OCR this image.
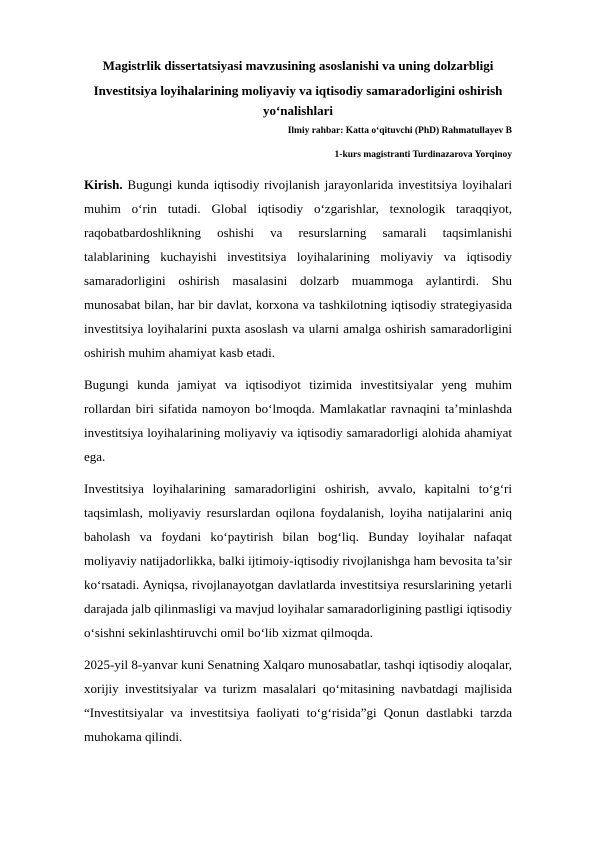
Magistrlik dissertatsiyasi mavzusining asoslanishi va uning dolzarbligi
Investitsiya loyihalarining moliyaviy va iqtisodiy samaradorligini oshirish yo‘nalishlari

Ilmiy rahbar: Katta o‘qituvchi (PhD) Rahmatullayev B

1-kurs magistranti Turdinazarova Yorqinoy

Kirish. Bugungi kunda iqtisodiy rivojlanish jarayonlarida investitsiya loyihalari muhim o‘rin tutadi. Global iqtisodiy o‘zgarishlar, texnologik taraqqiyot, raqobatbardoshlikning oshishi va resurslarning samarali taqsimlanishi talablarining kuchayishi investitsiya loyihalarining moliyaviy va iqtisodiy samaradorligini oshirish masalasini dolzarb muammoga aylantirdi. Shu munosabat bilan, har bir davlat, korxona va tashkilotning iqtisodiy strategiyasida investitsiya loyihalarini puxta asoslash va ularni amalga oshirish samaradorligini oshirish muhim ahamiyat kasb etadi.

Bugungi kunda jamiyat va iqtisodiyot tizimida investitsiyalar yeng muhim rollardan biri sifatida namoyon bo‘lmoqda. Mamlakatlar ravnaqini ta’minlashda investitsiya loyihalarining moliyaviy va iqtisodiy samaradorligi alohida ahamiyat ega.

Investitsiya loyihalarining samaradorligini oshirish, avvalo, kapitalni to‘g‘ri taqsimlash, moliyaviy resurslardan oqilona foydalanish, loyiha natijalarini aniq baholash va foydani ko‘paytirish bilan bog‘liq. Bunday loyihalar nafaqat moliyaviy natijadorlikka, balki ijtimoiy-iqtisodiy rivojlanishga ham bevosita ta’sir ko‘rsatadi. Ayniqsa, rivojlanayotgan davlatlarda investitsiya resurslarining yetarli darajada jalb qilinmasligi va mavjud loyihalar samaradorligining pastligi iqtisodiy o‘sishni sekinlashtiruvchi omil bo‘lib xizmat qilmoqda.

2025-yil 8-yanvar kuni Senatning Xalqaro munosabatlar, tashqi iqtisodiy aloqalar, xorijiy investitsiyalar va turizm masalalari qo‘mitasining navbatdagi majlisida “Investitsiyalar va investitsiya faoliyati to‘g‘risida”gi Qonun dastlabki tarzda muhokama qilindi.
